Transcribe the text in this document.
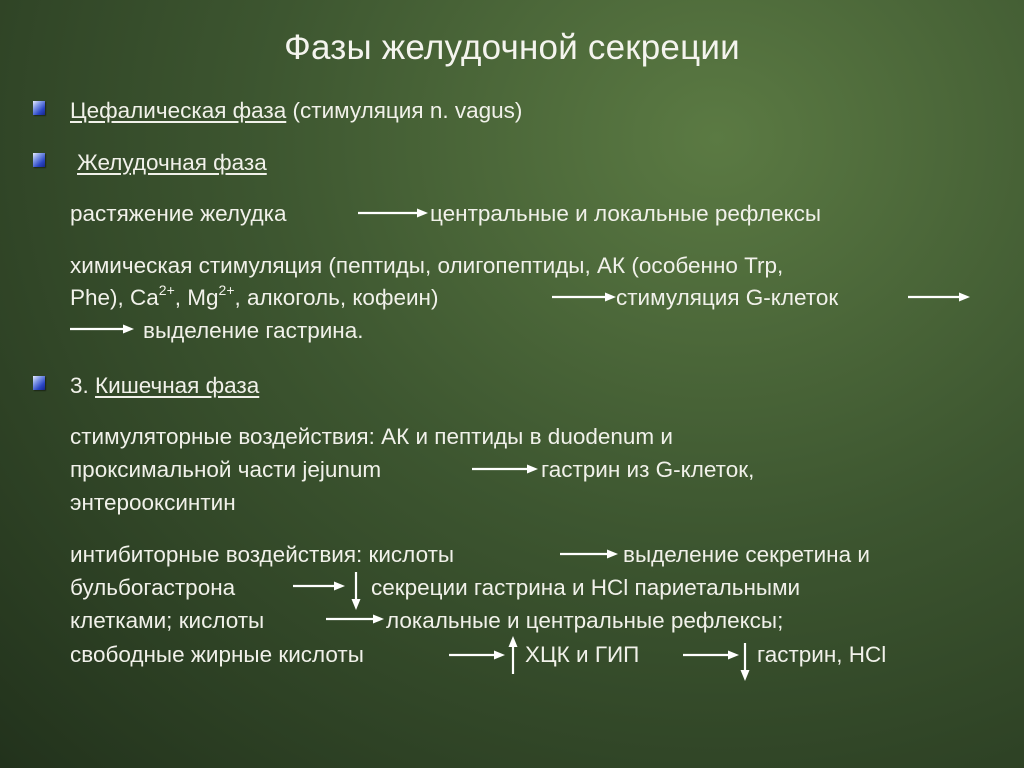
Фазы желудочной секреции
Цефалическая фаза (стимуляция n. vagus)
Желудочная фаза
растяжение желудка	центральные и локальные рефлексы
химическая стимуляция (пептиды, олигопептиды, АК (особенно Trp,
Phe), $Ca^{2+}$, $Mg^{2+}$, алкоголь, кофеин)	стимуляция G-клеток
выделение гастрина.
3. Кишечная фаза
стимуляторные воздействия: АК и пептиды в duodenum и
проксимальной части jejunum	гастрин из G-клеток,
энтерооксинтин
интибиторные воздействия: кислоты	выделение секретина и
бульбогастрона	секреции гастрина и HCl париетальными
клетками; кислоты	локальные и центральные рефлексы;
свободные жирные кислоты	ХЦК и ГИП	гастрин, HCl
